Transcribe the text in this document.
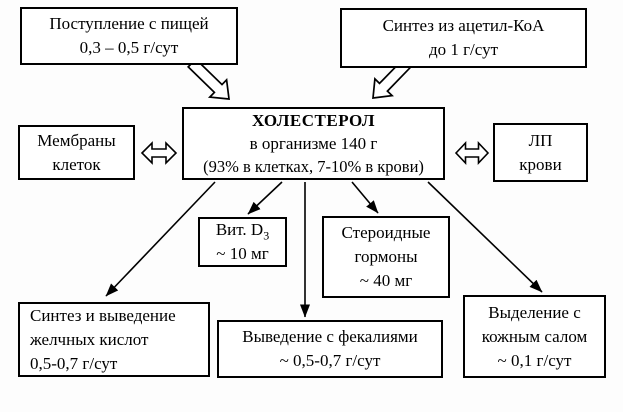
Поступление с пищей
0,3 – 0,5 г/сут
Синтез из ацетил-КоА
до 1 г/сут
Мембраны
клеток
ХОЛЕСТЕРОЛ
в организме 140 г
(93% в клетках, 7-10% в крови)
ЛП
крови
Вит. $D_3$
~ 10 мг
Стероидные
гормоны
~ 40 мг
Синтез и выведение
желчных кислот
0,5-0,7 г/сут
Выведение с фекалиями
~ 0,5-0,7 г/сут
Выделение с
кожным салом
~ 0,1 г/сут
